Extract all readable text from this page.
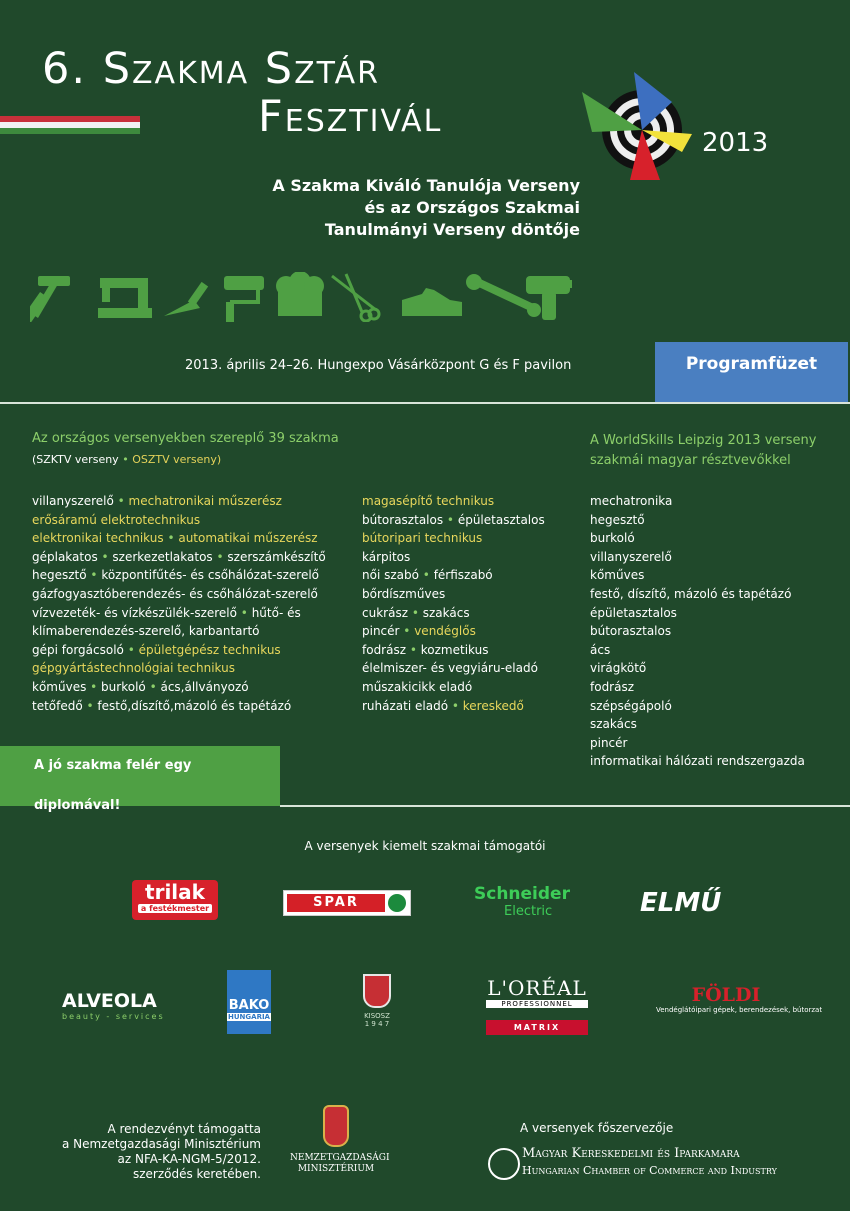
6. Szakma Sztár
Fesztivál
2013
A Szakma Kiváló Tanulója Verseny
és az Országos Szakmai
Tanulmányi Verseny döntője
2013. április 24–26. Hungexpo Vásárközpont G és F pavilon	Programfüzet
Az országos versenyekben szereplő 39 szakma
(SZKTV verseny • OSZTV verseny)
A WorldSkills Leipzig 2013 verseny
szakmái magyar résztvevőkkel
villanyszerelő • mechatronikai műszerész
erősáramú elektrotechnikus
elektronikai technikus • automatikai műszerész
géplakatos • szerkezetlakatos • szerszámkészítő
hegesztő • központifűtés- és csőhálózat-szerelő
gázfogyasztóberendezés- és csőhálózat-szerelő
vízvezeték- és vízkészülék-szerelő • hűtő- és
klímaberendezés-szerelő, karbantartó
gépi forgácsoló • épületgépész technikus
gépgyártástechnológiai technikus
kőműves • burkoló • ács,állványozó
tetőfedő • festő,díszítő,mázoló és tapétázó
magasépítő technikus
bútorasztalos • épületasztalos
bútoripari technikus
kárpitos
női szabó • férfiszabó
bőrdíszműves
cukrász • szakács
pincér • vendéglős
fodrász • kozmetikus
élelmiszer- és vegyiáru-eladó
műszakicikk eladó
ruházati eladó • kereskedő
mechatronika
hegesztő
burkoló
villanyszerelő
kőműves
festő, díszítő, mázoló és tapétázó
épületasztalos
bútorasztalos
ács
virágkötő
fodrász
szépségápoló
szakács
pincér
informatikai hálózati rendszergazda
A jó szakma felér egy diplomával!
A versenyek kiemelt szakmai támogatói
trilak
a festékmester	SPAR	Schneider
Electric	ELMŰ
ALVEOLA
beauty - services
BAKO
HUNGARIA	KISOSZ
1 9 4 7
L'ORÉAL
PROFESSIONNEL
MATRIX
FÖLDI
Vendéglátóipari gépek, berendezések, bútorzat
A rendezvényt támogatta
a Nemzetgazdasági Minisztérium
az NFA-KA-NGM-5/2012.
szerződés keretében.
NEMZETGAZDASÁGI
MINISZTÉRIUM
A versenyek főszervezője
Magyar Kereskedelmi és Iparkamara
Hungarian Chamber of Commerce and Industry
